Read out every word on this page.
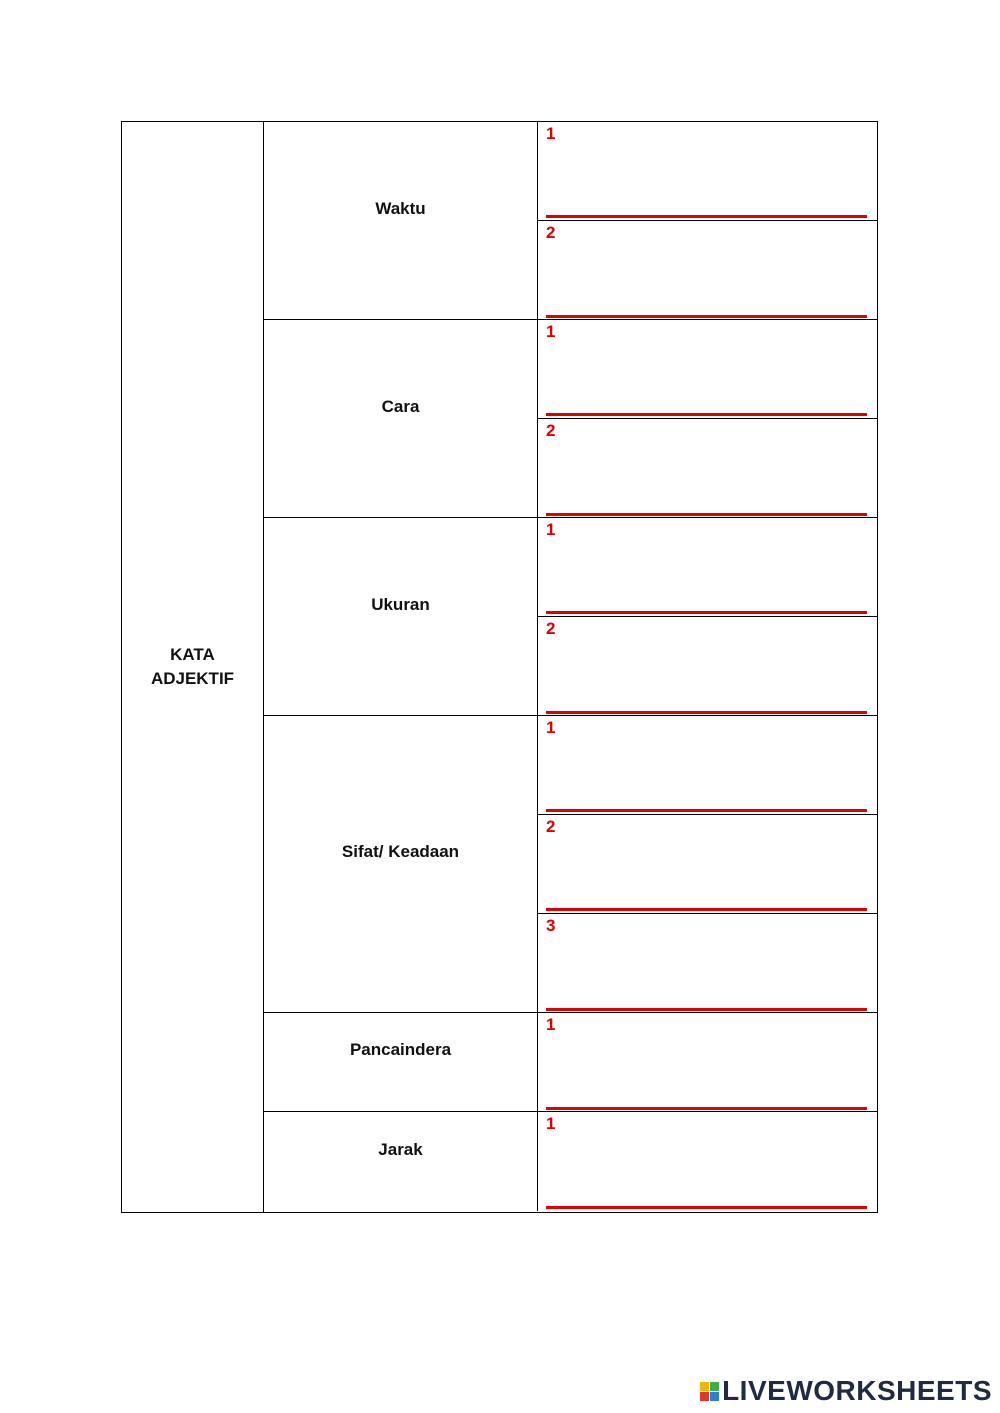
KATA
ADJEKTIF
Waktu
1
2
Cara
1
2
Ukuran
1
2
Sifat/ Keadaan
1
2
3
Pancaindera
1
Jarak
1
LIVEWORKSHEETS
